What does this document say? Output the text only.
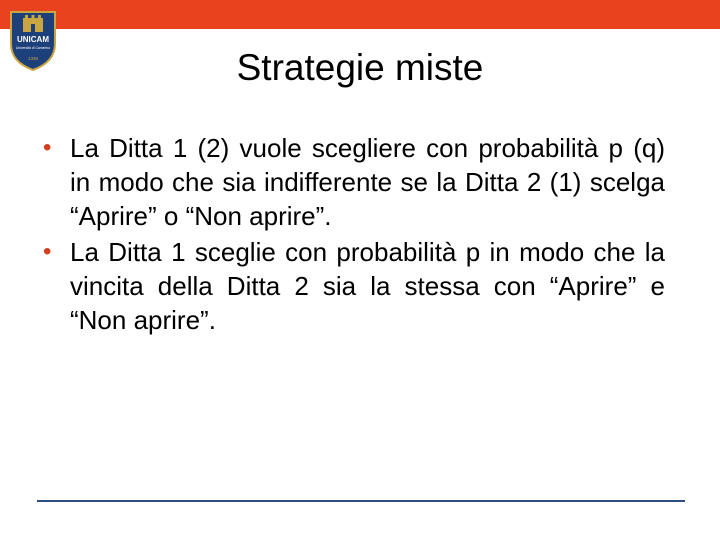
UNICAM
Università di Camerino
1336	Strategie miste
• La Ditta 1 (2) vuole scegliere con probabilità p (q) in modo che sia indifferente se la Ditta 2 (1) scelga “Aprire” o “Non aprire”.
• La Ditta 1 sceglie con probabilità p in modo che la vincita della Ditta 2 sia la stessa con “Aprire” e “Non aprire”.
